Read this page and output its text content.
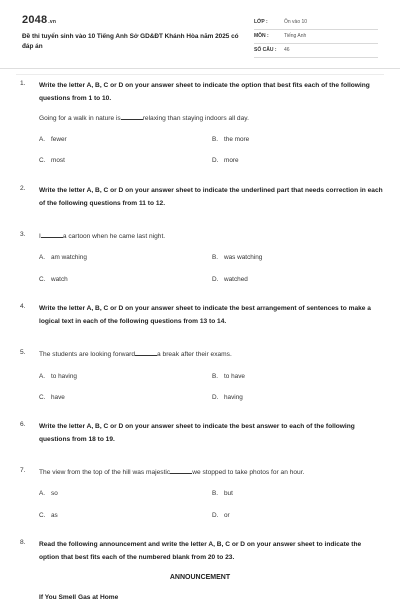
2048.vn
Đề thi tuyển sinh vào 10 Tiếng Anh Sở GD&ĐT Khánh Hòa năm 2025 có đáp án
LỚP :	Ôn vào 10
MÔN :	Tiếng Anh
SỐ CÂU : 46
1. Write the letter A, B, C or D on your answer sheet to indicate the option that best fits each of the following questions from 1 to 10.
Going for a walk in nature is	relaxing than staying indoors all day.
A. fewer	B. the more
C. most	D. more
2. Write the letter A, B, C or D on your answer sheet to indicate the underlined part that needs correction in each of the following questions from 11 to 12.
3. I	a cartoon when he came last night.
A. am watching	B. was watching
C. watch	D. watched
4. Write the letter A, B, C or D on your answer sheet to indicate the best arrangement of sentences to make a logical text in each of the following questions from 13 to 14.
5. The students are looking forward	a break after their exams.
A. to having	B. to have
C. have	D. having
6. Write the letter A, B, C or D on your answer sheet to indicate the best answer to each of the following questions from 18 to 19.
7. The view from the top of the hill was majestic	we stopped to take photos for an hour.
A. so	B. but
C. as	D. or
8. Read the following announcement and write the letter A, B, C or D on your answer sheet to indicate the option that best fits each of the numbered blank from 20 to 23.
ANNOUNCEMENT
If You Smell Gas at Home
